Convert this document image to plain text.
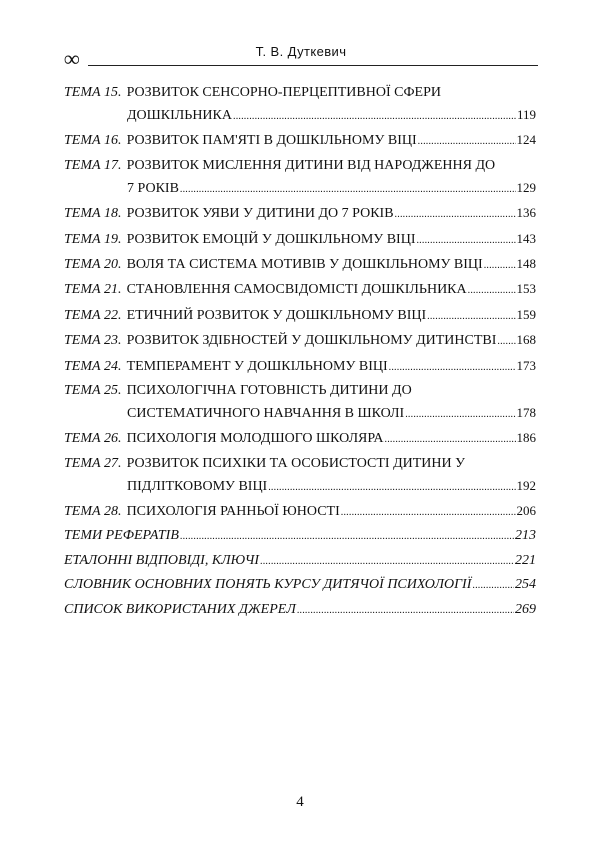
∞	Т. В. Дуткевич
ТЕМА 15. РОЗВИТОК СЕНСОРНО-ПЕРЦЕПТИВНОЇ СФЕРИ
ДОШКІЛЬНИКА .....	119
ТЕМА 16. РОЗВИТОК ПАМ'ЯТІ В ДОШКІЛЬНОМУ ВІЦІ .....	124
ТЕМА 17. РОЗВИТОК МИСЛЕННЯ ДИТИНИ ВІД НАРОДЖЕННЯ ДО
7 РОКІВ .....	129
ТЕМА 18. РОЗВИТОК УЯВИ У ДИТИНИ ДО 7 РОКІВ .....	136
ТЕМА 19. РОЗВИТОК ЕМОЦІЙ У ДОШКІЛЬНОМУ ВІЦІ .....	143
ТЕМА 20. ВОЛЯ ТА СИСТЕМА МОТИВІВ У ДОШКІЛЬНОМУ ВІЦІ .....	148
ТЕМА 21. СТАНОВЛЕННЯ САМОСВІДОМІСТІ ДОШКІЛЬНИКА .....	153
ТЕМА 22. ЕТИЧНИЙ РОЗВИТОК У ДОШКІЛЬНОМУ ВІЦІ .....	159
ТЕМА 23. РОЗВИТОК ЗДІБНОСТЕЙ У ДОШКІЛЬНОМУ ДИТИНСТВІ ..... 168
ТЕМА 24. ТЕМПЕРАМЕНТ У ДОШКІЛЬНОМУ ВІЦІ .....	173
ТЕМА 25. ПСИХОЛОГІЧНА ГОТОВНІСТЬ ДИТИНИ ДО
СИСТЕМАТИЧНОГО НАВЧАННЯ В ШКОЛІ .....	178
ТЕМА 26. ПСИХОЛОГІЯ МОЛОДШОГО ШКОЛЯРА .....	186
ТЕМА 27. РОЗВИТОК ПСИХІКИ ТА ОСОБИСТОСТІ ДИТИНИ У
ПІДЛІТКОВОМУ ВІЦІ .....	192
ТЕМА 28. ПСИХОЛОГІЯ РАННЬОЇ ЮНОСТІ .....	206
ТЕМИ РЕФЕРАТІВ .....	213
ЕТАЛОННІ ВІДПОВІДІ, КЛЮЧІ .....	221
СЛОВНИК ОСНОВНИХ ПОНЯТЬ КУРСУ ДИТЯЧОЇ ПСИХОЛОГІЇ .....	254
СПИСОК ВИКОРИСТАНИХ ДЖЕРЕЛ .....	269
4
